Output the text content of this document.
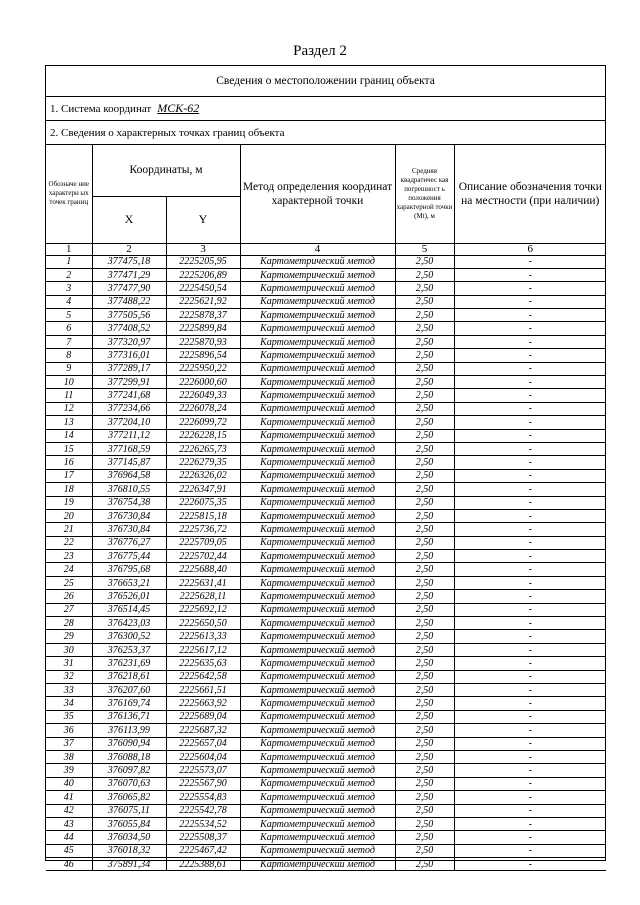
Раздел 2
Сведения о местоположении границ объекта
1. Система координат МСК-62
2. Сведения о характерных точках границ объекта
Обозначе ние характерн ых точек границ	Координаты, м		Метод определения координат характерной точки	Средняя квадратичес кая погрешност ь положения характерной точки (Mt), м	Описание обозначения точки на местности (при наличии)
	X	Y			
1	2	3	4	5	6
1	377475,18	2225205,95	Картометрический метод	2,50	-
2	377471,29	2225206,89	Картометрический метод	2,50	-
3	377477,90	2225450,54	Картометрический метод	2,50	-
4	377488,22	2225621,92	Картометрический метод	2,50	-
5	377505,56	2225878,37	Картометрический метод	2,50	-
6	377408,52	2225899,84	Картометрический метод	2,50	-
7	377320,97	2225870,93	Картометрический метод	2,50	-
8	377316,01	2225896,54	Картометрический метод	2,50	-
9	377289,17	2225950,22	Картометрический метод	2,50	-
10	377299,91	2226000,60	Картометрический метод	2,50	-
11	377241,68	2226049,33	Картометрический метод	2,50	-
12	377234,66	2226078,24	Картометрический метод	2,50	-
13	377204,10	2226099,72	Картометрический метод	2,50	-
14	377211,12	2226228,15	Картометрический метод	2,50	-
15	377168,59	2226265,73	Картометрический метод	2,50	-
16	377145,87	2226279,35	Картометрический метод	2,50	-
17	376964,58	2226326,02	Картометрический метод	2,50	-
18	376810,55	2226347,91	Картометрический метод	2,50	-
19	376754,38	2226075,35	Картометрический метод	2,50	-
20	376730,84	2225815,18	Картометрический метод	2,50	-
21	376730,84	2225736,72	Картометрический метод	2,50	-
22	376776,27	2225709,05	Картометрический метод	2,50	-
23	376775,44	2225702,44	Картометрический метод	2,50	-
24	376795,68	2225688,40	Картометрический метод	2,50	-
25	376653,21	2225631,41	Картометрический метод	2,50	-
26	376526,01	2225628,11	Картометрический метод	2,50	-
27	376514,45	2225692,12	Картометрический метод	2,50	-
28	376423,03	2225650,50	Картометрический метод	2,50	-
29	376300,52	2225613,33	Картометрический метод	2,50	-
30	376253,37	2225617,12	Картометрический метод	2,50	-
31	376231,69	2225635,63	Картометрический метод	2,50	-
32	376218,61	2225642,58	Картометрический метод	2,50	-
33	376207,60	2225661,51	Картометрический метод	2,50	-
34	376169,74	2225663,92	Картометрический метод	2,50	-
35	376136,71	2225689,04	Картометрический метод	2,50	-
36	376113,99	2225687,32	Картометрический метод	2,50	-
37	376090,94	2225657,04	Картометрический метод	2,50	-
38	376088,18	2225604,04	Картометрический метод	2,50	-
39	376097,82	2225573,07	Картометрический метод	2,50	-
40	376070,63	2225567,90	Картометрический метод	2,50	-
41	376065,82	2225554,83	Картометрический метод	2,50	-
42	376075,11	2225542,78	Картометрический метод	2,50	-
43	376055,84	2225534,52	Картометрический метод	2,50	-
44	376034,50	2225508,37	Картометрический метод	2,50	-
45	376018,32	2225467,42	Картометрический метод	2,50	-
46	375891,34	2225388,61	Картометрический метод	2,50	-
